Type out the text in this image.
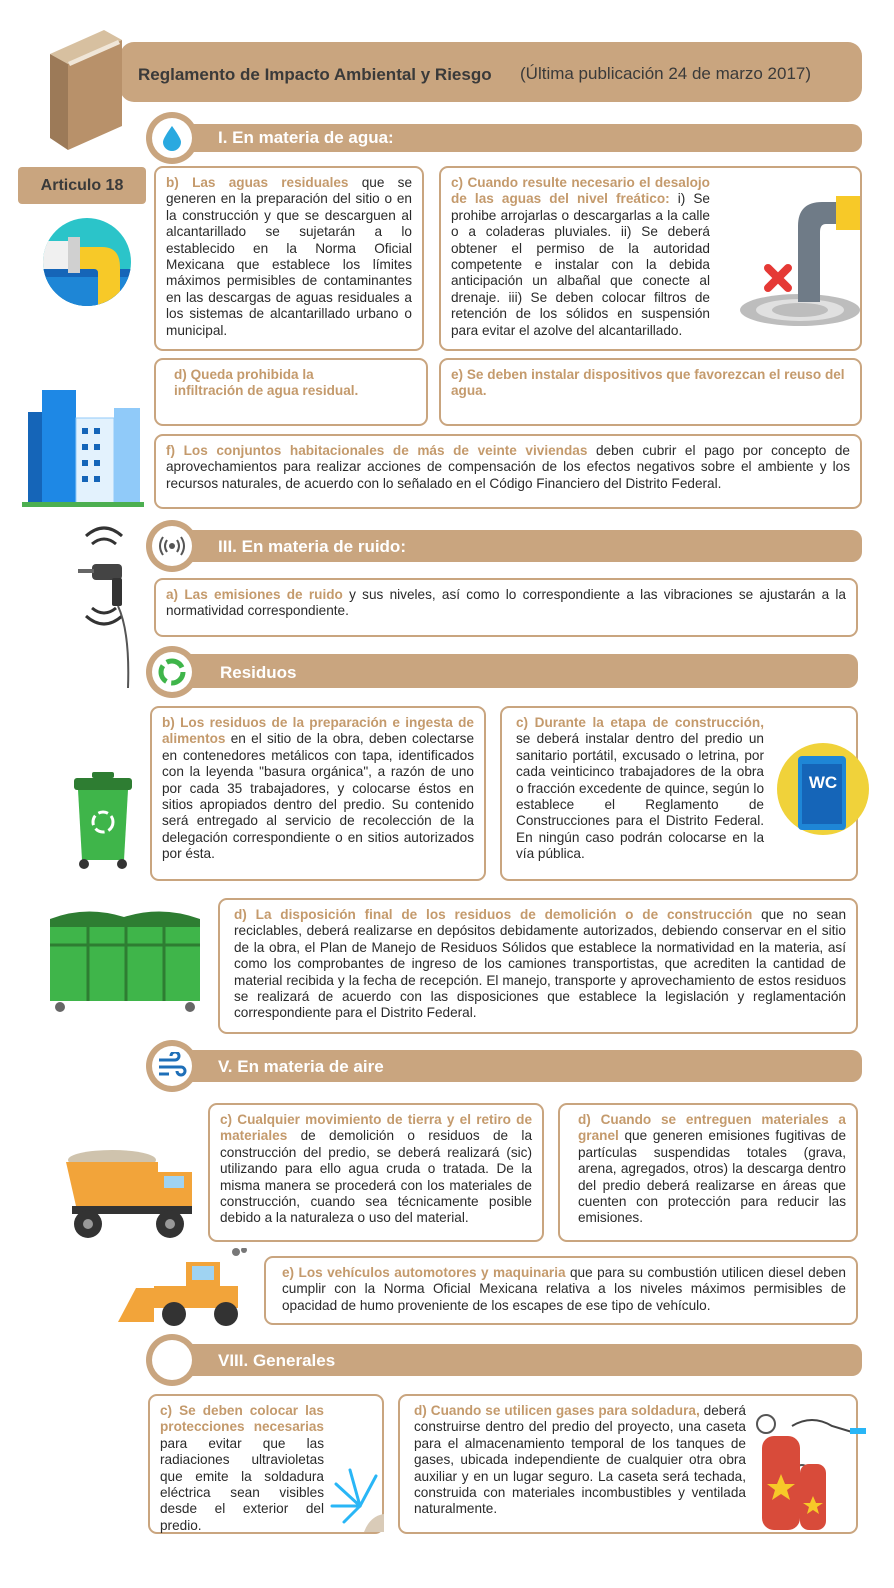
Reglamento de Impacto Ambiental y Riesgo (Última publicación 24 de marzo 2017)
I. En materia de agua:
Articulo 18	b) Las aguas residuales que se generen en la preparación del sitio o en la construcción y que se descarguen al alcantarillado se sujetarán a lo establecido en la Norma Oficial Mexicana que establece los límites máximos permisibles de contaminantes en las descargas de aguas residuales a los sistemas de alcantarillado urbano o municipal.
c) Cuando resulte necesario el desalojo de las aguas del nivel freático: i) Se prohibe arrojarlas o descargarlas a la calle o a coladeras pluviales. ii) Se deberá obtener el permiso de la autoridad competente e instalar con la debida anticipación un albañal que conecte al drenaje. iii) Se deben colocar filtros de retención de los sólidos en suspensión para evitar el azolve del alcantarillado.
d) Queda prohibida la infiltración de agua residual.
e) Se deben instalar dispositivos que favorezcan el reuso del agua.
f) Los conjuntos habitacionales de más de veinte viviendas deben cubrir el pago por concepto de aprovechamientos para realizar acciones de compensación de los efectos negativos sobre el ambiente y los recursos naturales, de acuerdo con lo señalado en el Código Financiero del Distrito Federal.
III. En materia de ruido:
a) Las emisiones de ruido y sus niveles, así como lo correspondiente a las vibraciones se ajustarán a la normatividad correspondiente.
Residuos
b) Los residuos de la preparación e ingesta de alimentos en el sitio de la obra, deben colectarse en contenedores metálicos con tapa, identificados con la leyenda "basura orgánica", a razón de uno por cada 35 trabajadores, y colocarse éstos en sitios apropiados dentro del predio. Su contenido será entregado al servicio de recolección de la delegación correspondiente o en sitios autorizados por ésta.
c) Durante la etapa de construcción, se deberá instalar dentro del predio un sanitario portátil, excusado o letrina, por cada veinticinco trabajadores de la obra o fracción excedente de quince, según lo establece el Reglamento de Construcciones para el Distrito Federal. En ningún caso podrán colocarse en la vía pública.
WC
d) La disposición final de los residuos de demolición o de construcción que no sean reciclables, deberá realizarse en depósitos debidamente autorizados, debiendo conservar en el sitio de la obra, el Plan de Manejo de Residuos Sólidos que establece la normatividad en la materia, así como los comprobantes de ingreso de los camiones transportistas, que acrediten la cantidad de material recibida y la fecha de recepción. El manejo, transporte y aprovechamiento de estos residuos se realizará de acuerdo con las disposiciones que establece la legislación y reglamentación correspondiente para el Distrito Federal.
V. En materia de aire
c) Cualquier movimiento de tierra y el retiro de materiales de demolición o residuos de la construcción del predio, se deberá realizará (sic) utilizando para ello agua cruda o tratada. De la misma manera se procederá con los materiales de construcción, cuando sea técnicamente posible debido a la naturaleza o uso del material.
d) Cuando se entreguen materiales a granel que generen emisiones fugitivas de partículas suspendidas totales (grava, arena, agregados, otros) la descarga dentro del predio deberá realizarse en áreas que cuenten con protección para reducir las emisiones.
e) Los vehículos automotores y maquinaria que para su combustión utilicen diesel deben cumplir con la Norma Oficial Mexicana relativa a los niveles máximos permisibles de opacidad de humo proveniente de los escapes de ese tipo de vehículo.
VIII. Generales
c) Se deben colocar las protecciones necesarias para evitar que las radiaciones ultravioletas que emite la soldadura eléctrica sean visibles desde el exterior del predio.
d) Cuando se utilicen gases para soldadura, deberá construirse dentro del predio del proyecto, una caseta para el almacenamiento temporal de los tanques de gases, ubicada independiente de cualquier otra obra auxiliar y en un lugar seguro. La caseta será techada, construida con materiales incombustibles y ventilada naturalmente.
